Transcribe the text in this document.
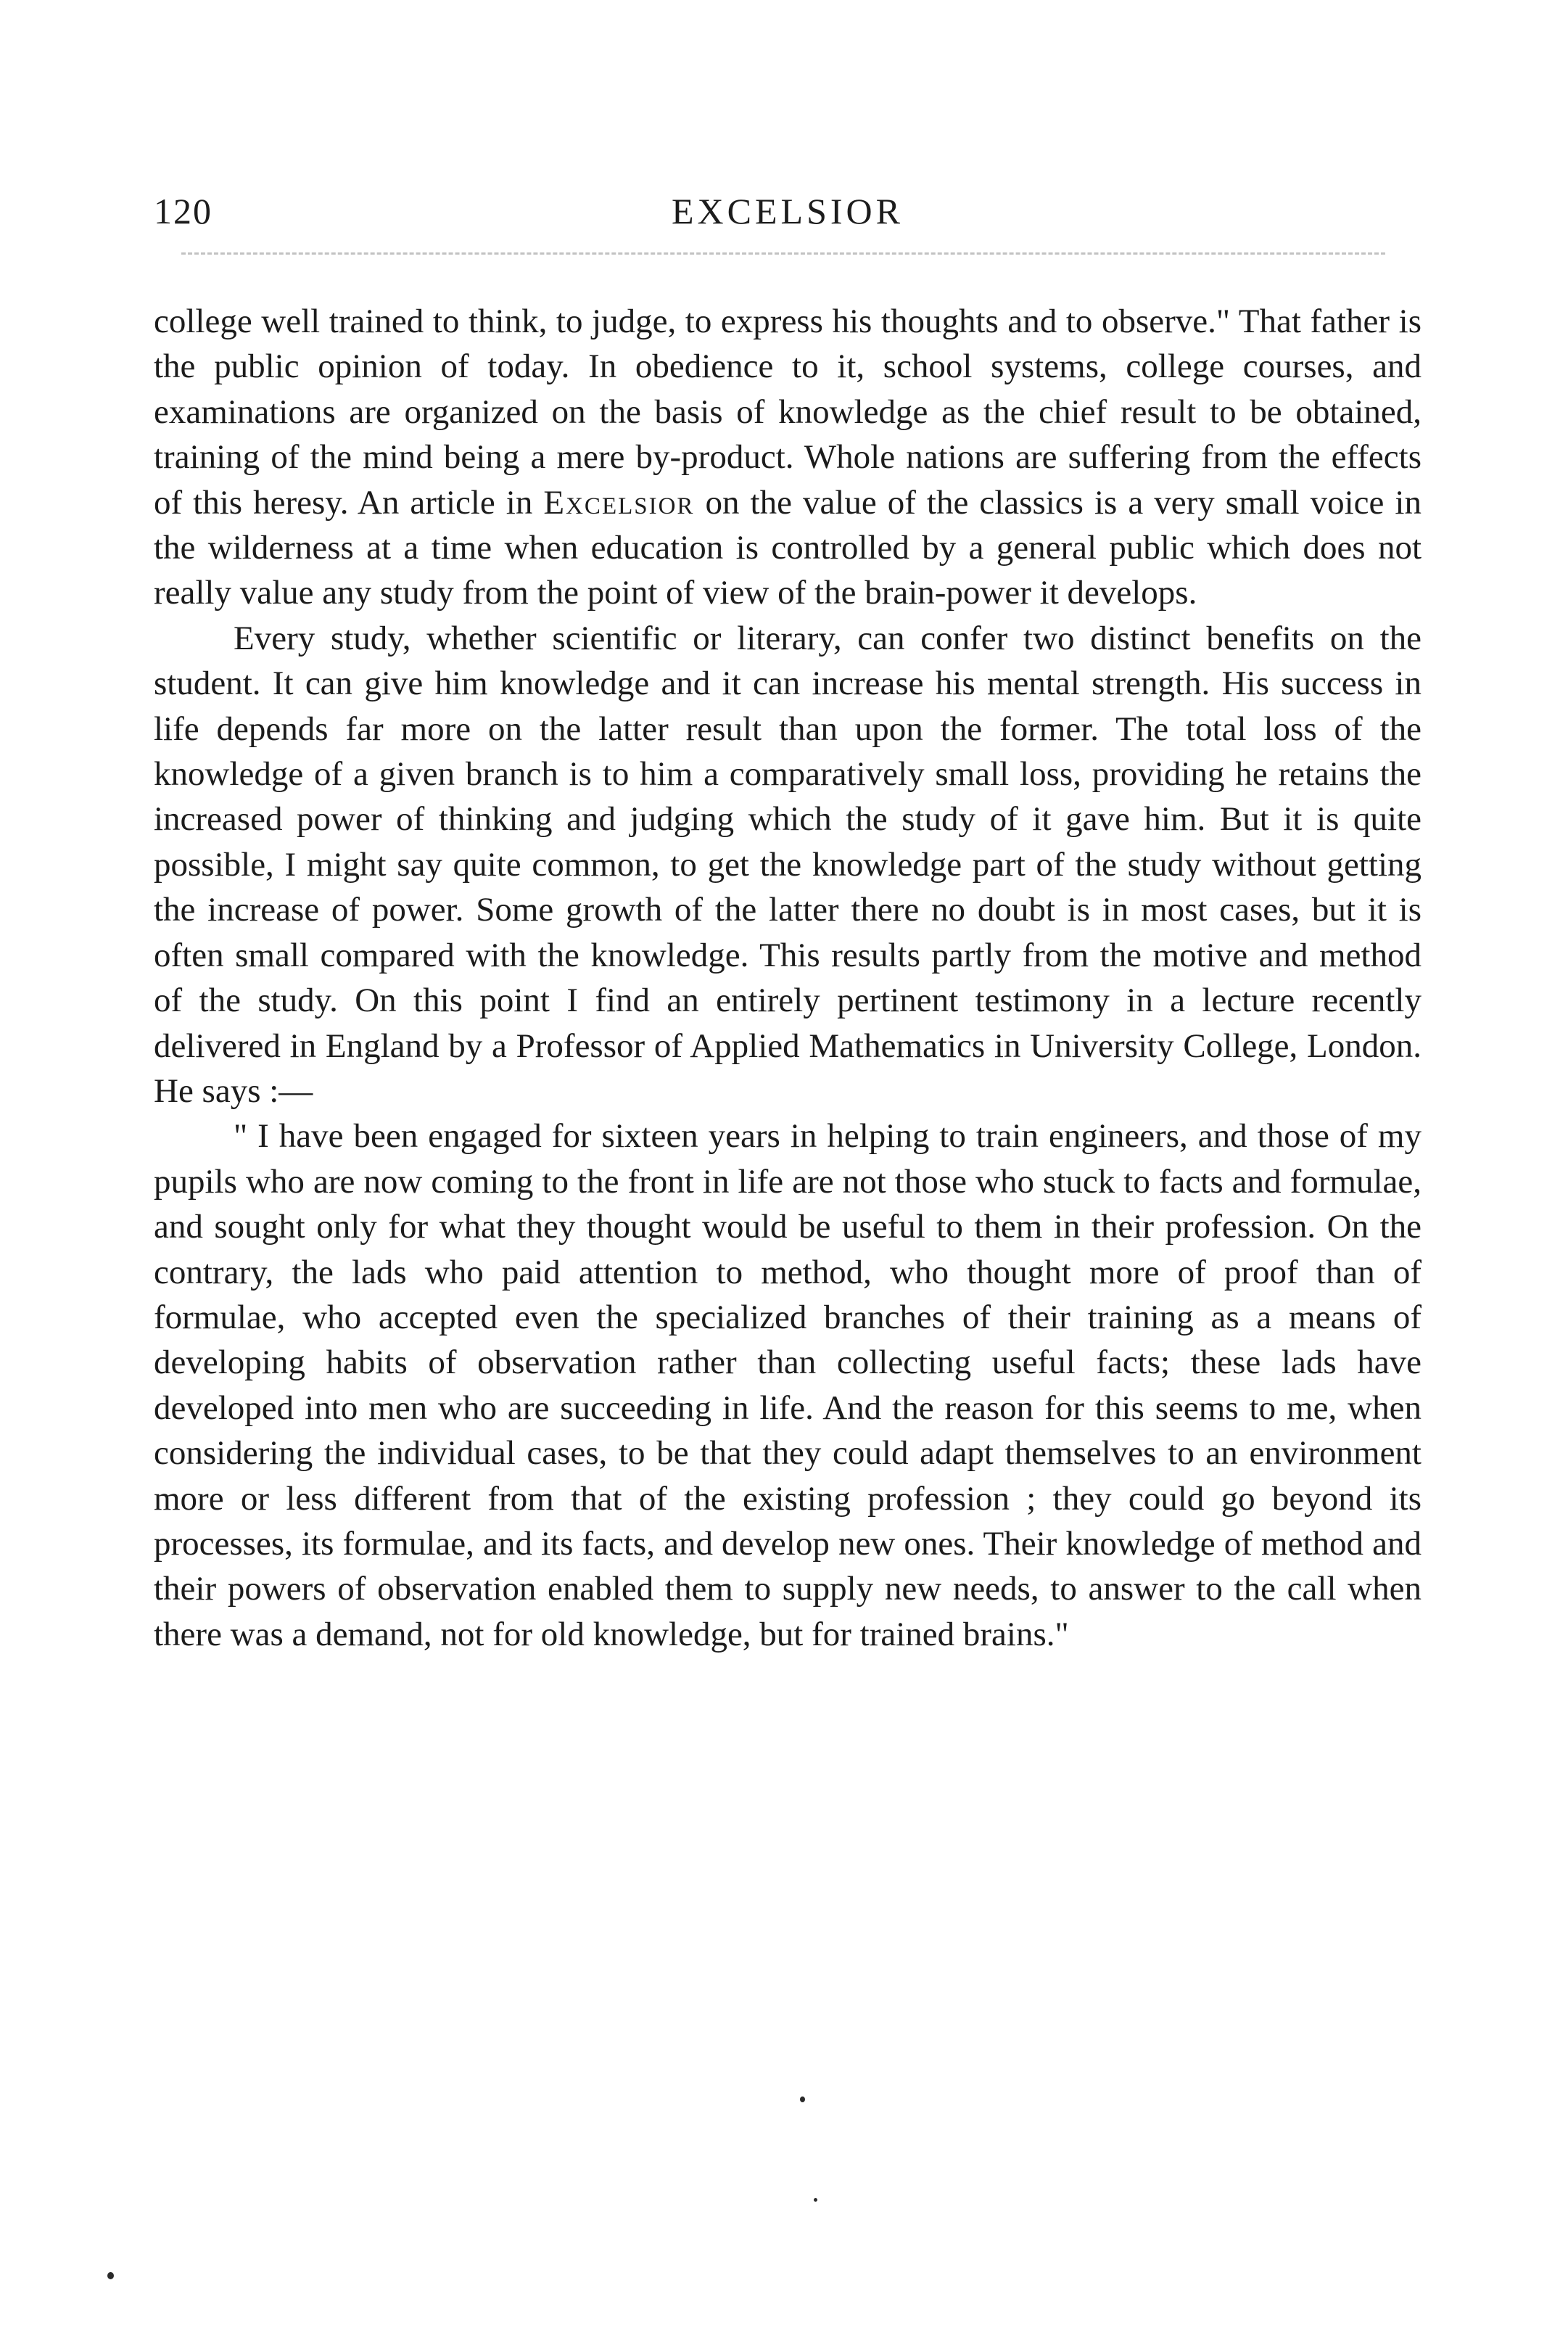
120	EXCELSIOR

college well trained to think, to judge, to express his thoughts and to observe." That father is the public opinion of today. In obedience to it, school systems, college courses, and examinations are organized on the basis of knowledge as the chief result to be obtained, training of the mind being a mere by-product. Whole nations are suffering from the effects of this heresy. An article in Excelsior on the value of the classics is a very small voice in the wilderness at a time when education is controlled by a general public which does not really value any study from the point of view of the brain-power it develops.

Every study, whether scientific or literary, can confer two distinct benefits on the student. It can give him knowledge and it can increase his mental strength. His success in life depends far more on the latter result than upon the former. The total loss of the knowledge of a given branch is to him a comparatively small loss, providing he retains the increased power of thinking and judging which the study of it gave him. But it is quite possible, I might say quite common, to get the knowledge part of the study without getting the increase of power. Some growth of the latter there no doubt is in most cases, but it is often small compared with the knowledge. This results partly from the motive and method of the study. On this point I find an entirely pertinent testimony in a lecture recently delivered in England by a Professor of Applied Mathematics in University College, London. He says :—

" I have been engaged for sixteen years in helping to train engineers, and those of my pupils who are now coming to the front in life are not those who stuck to facts and formulae, and sought only for what they thought would be useful to them in their profession. On the contrary, the lads who paid attention to method, who thought more of proof than of formulae, who accepted even the specialized branches of their training as a means of developing habits of observation rather than collecting useful facts; these lads have developed into men who are succeeding in life. And the reason for this seems to me, when considering the individual cases, to be that they could adapt themselves to an environment more or less different from that of the existing profession ; they could go beyond its processes, its formulae, and its facts, and develop new ones. Their knowledge of method and their powers of observation enabled them to supply new needs, to answer to the call when there was a demand, not for old knowledge, but for trained brains."
